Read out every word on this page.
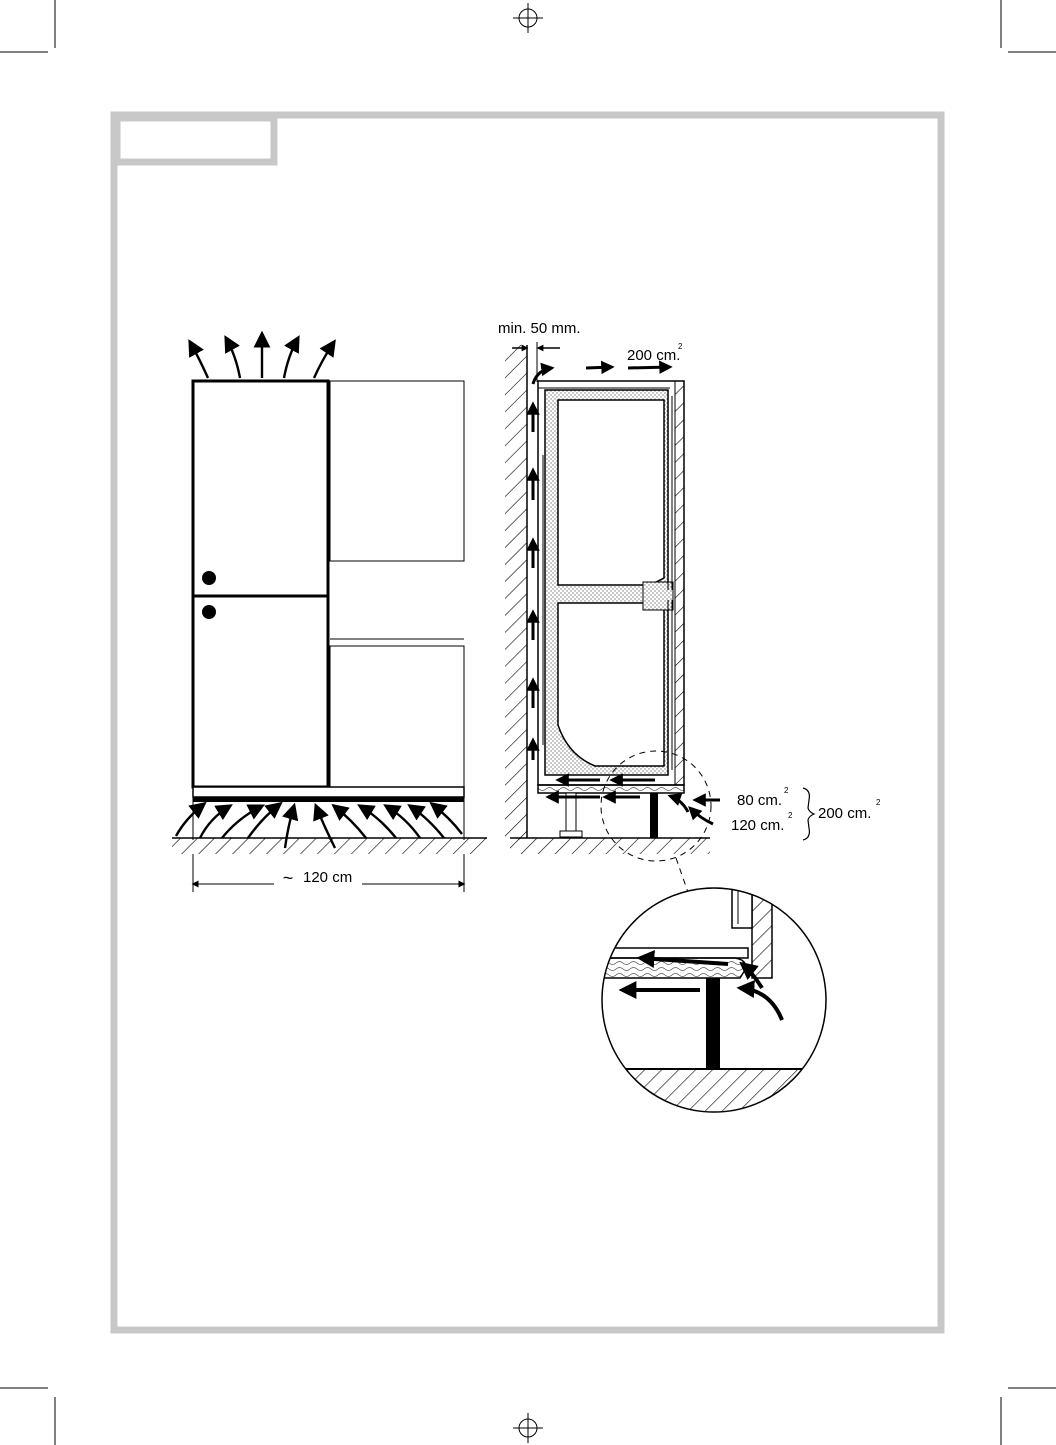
~ 120 cm
min. 50 mm.
200 cm.
2
80 cm.
2
120 cm.
2 200 cm.
2
